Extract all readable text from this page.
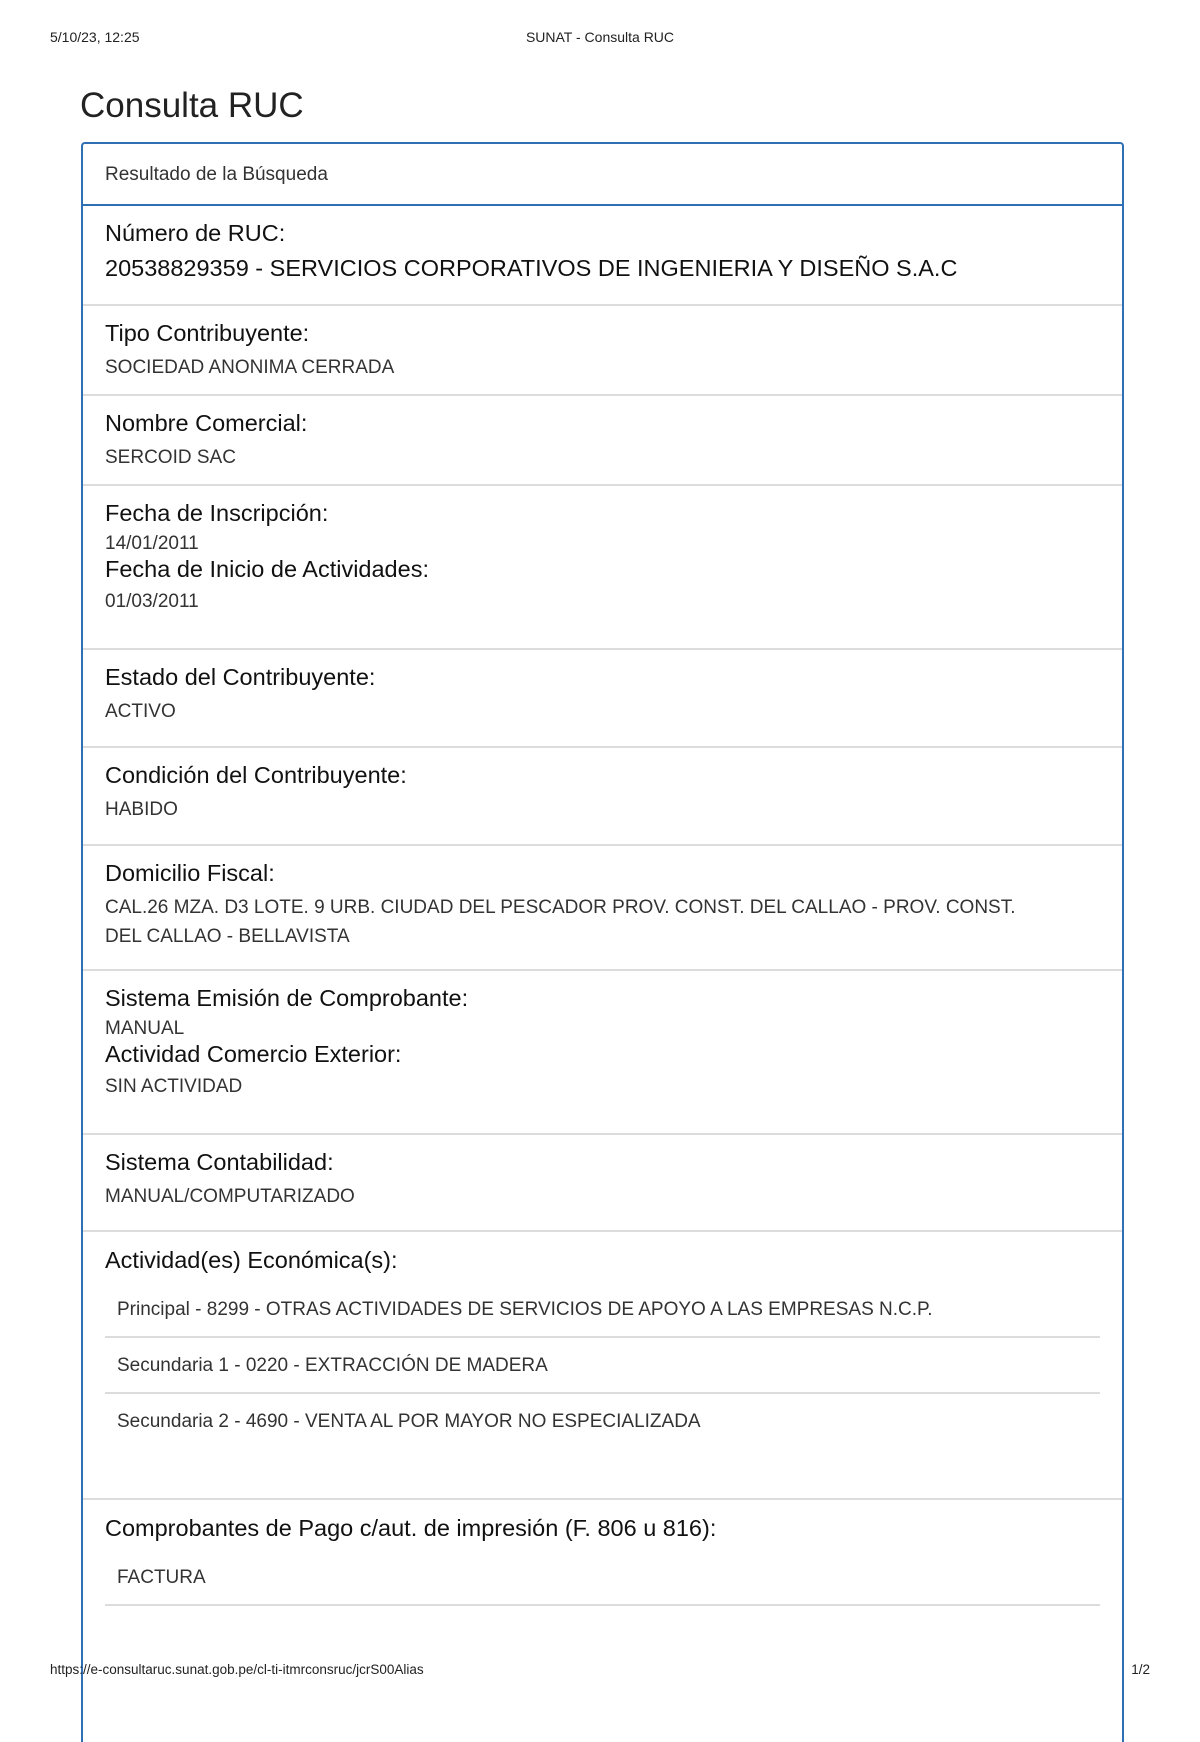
5/10/23, 12:25	SUNAT - Consulta RUC
Consulta RUC
Resultado de la Búsqueda
Número de RUC:
20538829359 - SERVICIOS CORPORATIVOS DE INGENIERIA Y DISEÑO S.A.C
Tipo Contribuyente:
SOCIEDAD ANONIMA CERRADA
Nombre Comercial:
SERCOID SAC
Fecha de Inscripción:
14/01/2011
Fecha de Inicio de Actividades:
01/03/2011
Estado del Contribuyente:
ACTIVO
Condición del Contribuyente:
HABIDO
Domicilio Fiscal:
CAL.26 MZA. D3 LOTE. 9 URB. CIUDAD DEL PESCADOR PROV. CONST. DEL CALLAO - PROV. CONST. DEL CALLAO - BELLAVISTA
Sistema Emisión de Comprobante:
MANUAL
Actividad Comercio Exterior:
SIN ACTIVIDAD
Sistema Contabilidad:
MANUAL/COMPUTARIZADO
Actividad(es) Económica(s):
Principal - 8299 - OTRAS ACTIVIDADES DE SERVICIOS DE APOYO A LAS EMPRESAS N.C.P.
Secundaria 1 - 0220 - EXTRACCIÓN DE MADERA
Secundaria 2 - 4690 - VENTA AL POR MAYOR NO ESPECIALIZADA
Comprobantes de Pago c/aut. de impresión (F. 806 u 816):
FACTURA
https://e-consultaruc.sunat.gob.pe/cl-ti-itmrconsruc/jcrS00Alias	1/2
